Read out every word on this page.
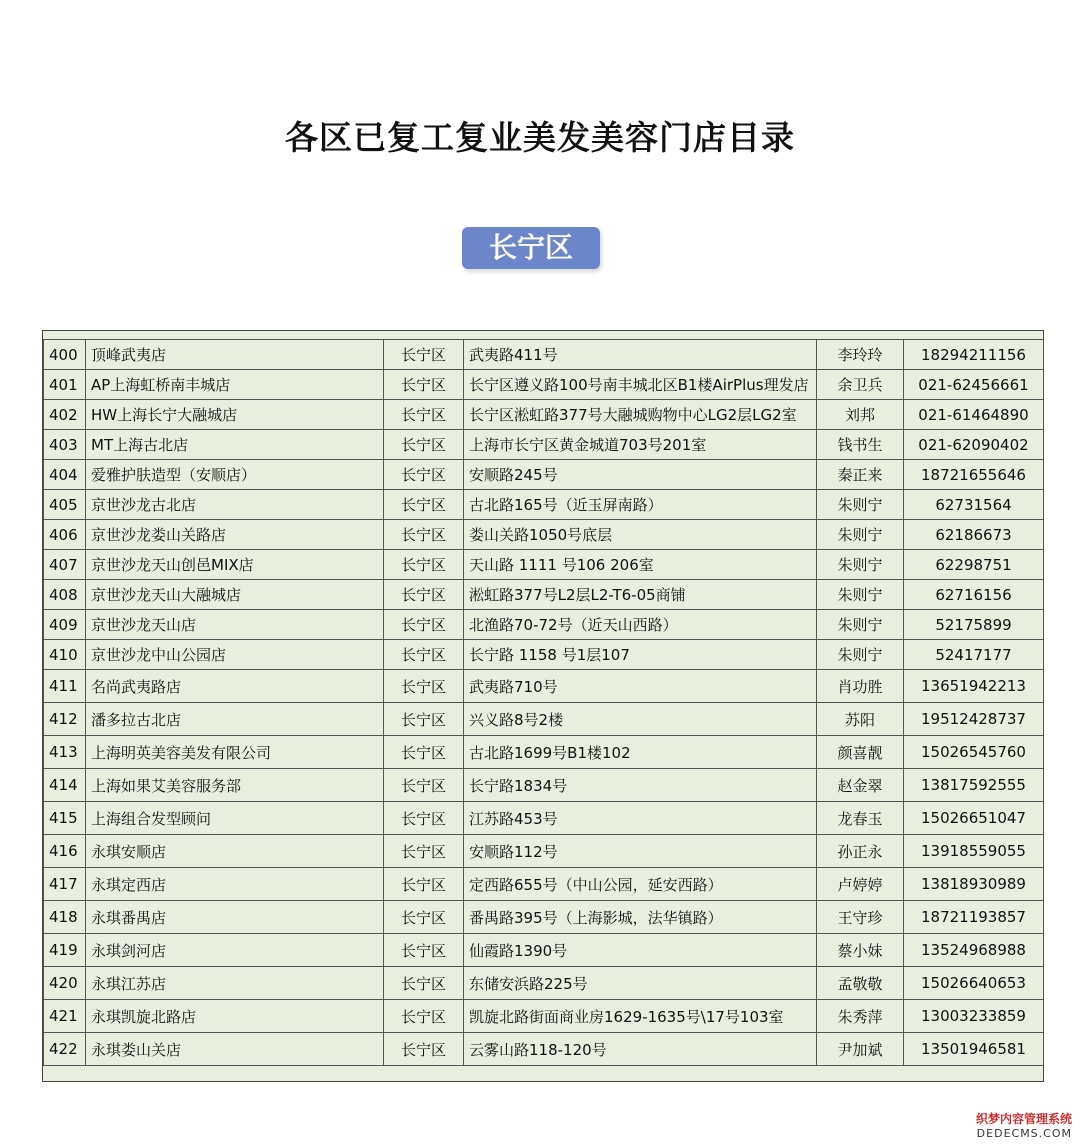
各区已复工复业美发美容门店目录
长宁区
400	顶峰武夷店	长宁区	武夷路411号	李玲玲	18294211156
401	AP上海虹桥南丰城店	长宁区	长宁区遵义路100号南丰城北区B1楼AirPlus理发店	余卫兵	021-62456661
402	HW上海长宁大融城店	长宁区	长宁区淞虹路377号大融城购物中心LG2层LG2室	刘邦	021-61464890
403	MT上海古北店	长宁区	上海市长宁区黄金城道703号201室	钱书生	021-62090402
404	爱雅护肤造型（安顺店）	长宁区	安顺路245号	秦正来	18721655646
405	京世沙龙古北店	长宁区	古北路165号（近玉屏南路）	朱则宁	62731564
406	京世沙龙娄山关路店	长宁区	娄山关路1050号底层	朱则宁	62186673
407	京世沙龙天山创邑MIX店	长宁区	天山路 1111 号106 206室	朱则宁	62298751
408	京世沙龙天山大融城店	长宁区	淞虹路377号L2层L2-T6-05商铺	朱则宁	62716156
409	京世沙龙天山店	长宁区	北渔路70-72号（近天山西路）	朱则宁	52175899
410	京世沙龙中山公园店	长宁区	长宁路 1158 号1层107	朱则宁	52417177
411	名尚武夷路店	长宁区	武夷路710号	肖功胜	13651942213
412	潘多拉古北店	长宁区	兴义路8号2楼	苏阳	19512428737
413	上海明英美容美发有限公司	长宁区	古北路1699号B1楼102	颜喜靓	15026545760
414	上海如果艾美容服务部	长宁区	长宁路1834号	赵金翠	13817592555
415	上海组合发型顾问	长宁区	江苏路453号	龙春玉	15026651047
416	永琪安顺店	长宁区	安顺路112号	孙正永	13918559055
417	永琪定西店	长宁区	定西路655号（中山公园，延安西路）	卢婷婷	13818930989
418	永琪番禺店	长宁区	番禺路395号（上海影城，法华镇路）	王守珍	18721193857
419	永琪剑河店	长宁区	仙霞路1390号	蔡小妹	13524968988
420	永琪江苏店	长宁区	东储安浜路225号	孟敬敬	15026640653
421	永琪凯旋北路店	长宁区	凯旋北路街面商业房1629-1635号\17号103室	朱秀萍	13003233859
422	永琪娄山关店	长宁区	云雾山路118-120号	尹加斌	13501946581
织梦内容管理系统
DEDECMS.COM
